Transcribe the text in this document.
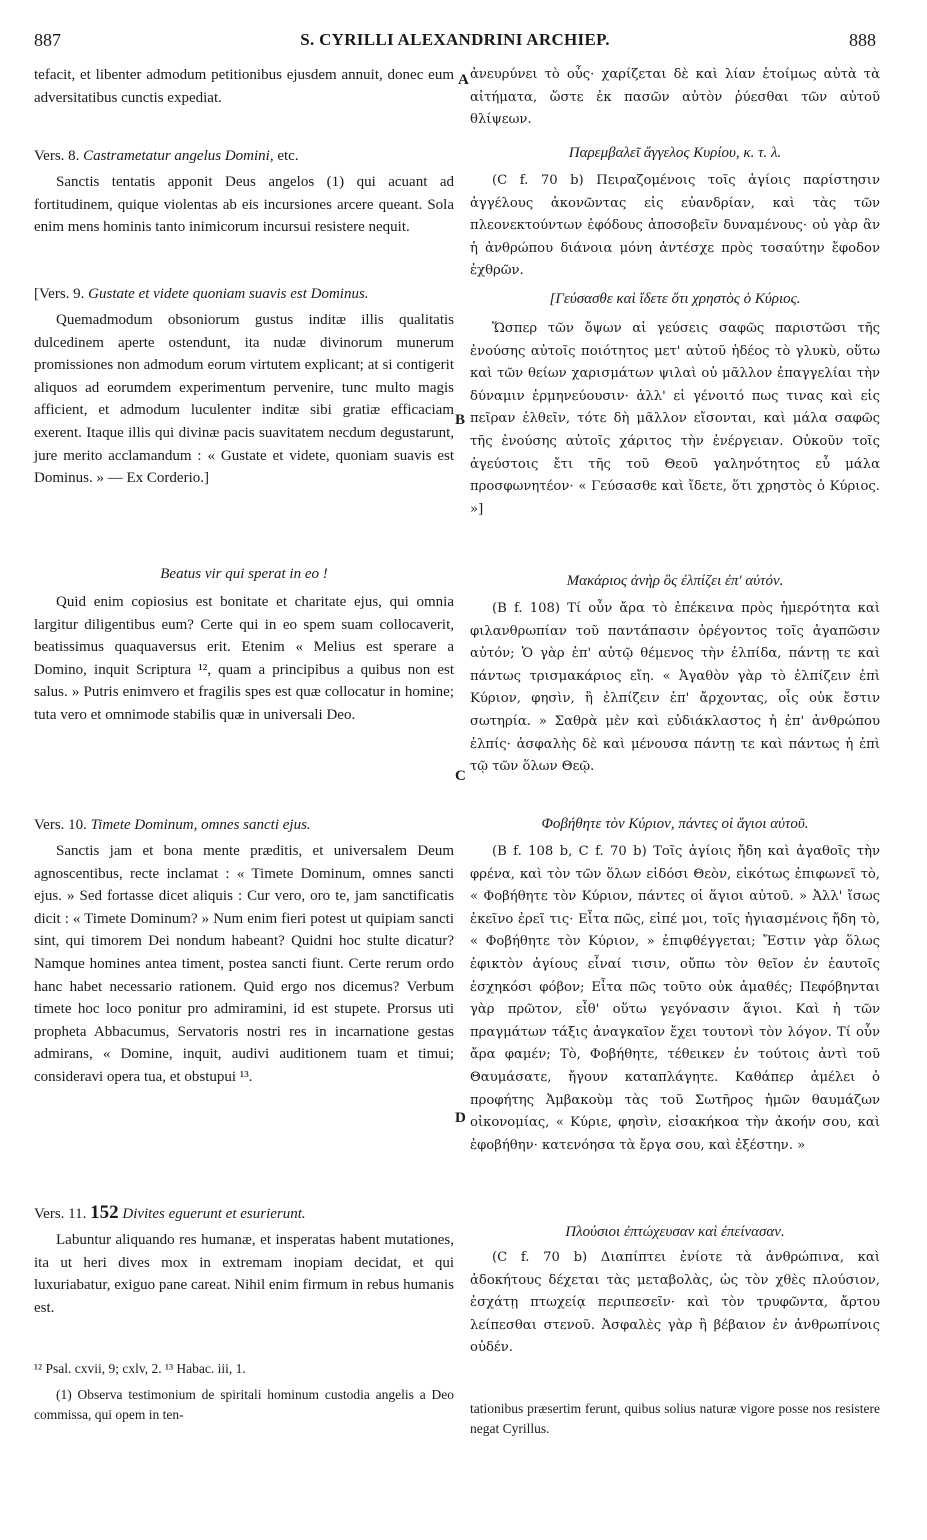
887	S. CYRILLI ALEXANDRINI ARCHIEP.	888
A
B
C
D

tefacit, et libenter admodum petitionibus ejusdem annuit, donec eum adversitatibus cunctis expediat.

Vers. 8. Castrametatur angelus Domini, etc.

Sanctis tentatis apponit Deus angelos (1) qui acuant ad fortitudinem, quique violentas ab eis incursiones arcere queant. Sola enim mens hominis tanto inimicorum incursui resistere nequit.

[Vers. 9. Gustate et videte quoniam suavis est Dominus.

Quemadmodum obsoniorum gustus inditæ illis qualitatis dulcedinem aperte ostendunt, ita nudæ divinorum munerum promissiones non admodum eorum virtutem explicant; at si contigerit aliquos ad eorumdem experimentum pervenire, tunc multo magis afficient, et admodum luculenter inditæ sibi gratiæ efficaciam exerent. Itaque illis qui divinæ pacis suavitatem necdum degustarunt, jure merito acclamandum : « Gustate et videte, quoniam suavis est Dominus. » — Ex Corderio.]

Beatus vir qui sperat in eo !

Quid enim copiosius est bonitate et charitate ejus, qui omnia largitur diligentibus eum? Certe qui in eo spem suam collocaverit, beatissimus quaquaversus erit. Etenim « Melius est sperare a Domino, inquit Scriptura ¹², quam a principibus a quibus non est salus. » Putris enimvero et fragilis spes est quæ collocatur in homine; tuta vero et omnimode stabilis quæ in universali Deo.

Vers. 10. Timete Dominum, omnes sancti ejus.

Sanctis jam et bona mente præditis, et universalem Deum agnoscentibus, recte inclamat : « Timete Dominum, omnes sancti ejus. » Sed fortasse dicet aliquis : Cur vero, oro te, jam sanctificatis dicit : « Timete Dominum? » Num enim fieri potest ut quipiam sancti sint, qui timorem Dei nondum habeant? Quidni hoc stulte dicatur? Namque homines antea timent, postea sancti fiunt. Certe rerum ordo hanc habet necessario rationem. Quid ergo nos dicemus? Verbum timete hoc loco ponitur pro admiramini, id est stupete. Prorsus uti propheta Abbacumus, Servatoris nostri res in incarnatione gestas admirans, « Domine, inquit, audivi auditionem tuam et timui; consideravi opera tua, et obstupui ¹³.

Vers. 11. 152 Divites eguerunt et esurierunt.

Labuntur aliquando res humanæ, et insperatas habent mutationes, ita ut heri dives mox in extremam inopiam decidat, et qui luxuriabatur, exiguo pane careat. Nihil enim firmum in rebus humanis est.

¹² Psal. cxvii, 9; cxlv, 2. ¹³ Habac. iii, 1.

(1) Observa testimonium de spiritali hominum custodia angelis a Deo commissa, qui opem in ten-

ἀνευρύνει τὸ οὖς· χαρίζεται δὲ καὶ λίαν ἑτοίμως αὐτὰ τὰ αἰτήματα, ὥστε ἐκ πασῶν αὐτὸν ῥύεσθαι τῶν αὐτοῦ θλίψεων.

Παρεμβαλεῖ ἄγγελος Κυρίου, κ. τ. λ.

(C f. 70 b) Πειραζομένοις τοῖς ἁγίοις παρίστησιν ἀγγέλους ἀκονῶντας εἰς εὐανδρίαν, καὶ τὰς τῶν πλεονεκτούντων ἐφόδους ἀποσοβεῖν δυναμένους· οὐ γὰρ ἂν ἡ ἀνθρώπου διάνοια μόνη ἀντέσχε πρὸς τοσαύτην ἔφοδον ἐχθρῶν.

[Γεύσασθε καὶ ἴδετε ὅτι χρηστὸς ὁ Κύριος.

Ὥσπερ τῶν ὄψων αἱ γεύσεις σαφῶς παριστῶσι τῆς ἐνούσης αὐτοῖς ποιότητος μετ' αὐτοῦ ἡδέος τὸ γλυκὺ, οὕτω καὶ τῶν θείων χαρισμάτων ψιλαὶ οὐ μᾶλλον ἐπαγγελίαι τὴν δύναμιν ἑρμηνεύουσιν· ἀλλ' εἰ γένοιτό πως τινας καὶ εἰς πεῖραν ἐλθεῖν, τότε δὴ μᾶλλον εἴσονται, καὶ μάλα σαφῶς τῆς ἐνούσης αὐτοῖς χάριτος τὴν ἐνέργειαν. Οὐκοῦν τοῖς ἀγεύστοις ἔτι τῆς τοῦ Θεοῦ γαληνότητος εὖ μάλα προσφωνητέον· « Γεύσασθε καὶ ἴδετε, ὅτι χρηστὸς ὁ Κύριος. »]

Μακάριος ἀνὴρ ὃς ἐλπίζει ἐπ' αὐτόν.

(B f. 108) Τί οὖν ἄρα τὸ ἐπέκεινα πρὸς ἡμερότητα καὶ φιλανθρωπίαν τοῦ παντάπασιν ὀρέγοντος τοῖς ἀγαπῶσιν αὐτόν; Ὁ γὰρ ἐπ' αὐτῷ θέμενος τὴν ἐλπίδα, πάντῃ τε καὶ πάντως τρισμακάριος εἴη. « Ἀγαθὸν γὰρ τὸ ἐλπίζειν ἐπὶ Κύριον, φησὶν, ἢ ἐλπίζειν ἐπ' ἄρχοντας, οἷς οὐκ ἔστιν σωτηρία. » Σαθρὰ μὲν καὶ εὐδιάκλαστος ἡ ἐπ' ἀνθρώπου ἐλπίς· ἀσφαλὴς δὲ καὶ μένουσα πάντῃ τε καὶ πάντως ἡ ἐπὶ τῷ τῶν ὅλων Θεῷ.

Φοβήθητε τὸν Κύριον, πάντες οἱ ἅγιοι αὐτοῦ.

(B f. 108 b, C f. 70 b) Τοῖς ἁγίοις ἤδη καὶ ἀγαθοῖς τὴν φρένα, καὶ τὸν τῶν ὅλων εἰδόσι Θεὸν, εἰκότως ἐπιφωνεῖ τὸ, « Φοβήθητε τὸν Κύριον, πάντες οἱ ἅγιοι αὐτοῦ. » Ἀλλ' ἴσως ἐκεῖνο ἐρεῖ τις· Εἶτα πῶς, εἰπέ μοι, τοῖς ἡγιασμένοις ἤδη τὸ, « Φοβήθητε τὸν Κύριον, » ἐπιφθέγγεται; Ἔστιν γὰρ ὅλως ἐφικτὸν ἁγίους εἶναί τισιν, οὔπω τὸν θεῖον ἐν ἑαυτοῖς ἐσχηκόσι φόβον; Εἶτα πῶς τοῦτο οὐκ ἀμαθές; Πεφόβηνται γὰρ πρῶτον, εἶθ' οὕτω γεγόνασιν ἅγιοι. Καὶ ἡ τῶν πραγμάτων τάξις ἀναγκαῖον ἔχει τουτονὶ τὸν λόγον. Τί οὖν ἄρα φαμέν; Τὸ, Φοβήθητε, τέθεικεν ἐν τούτοις ἀντὶ τοῦ Θαυμάσατε, ἤγουν καταπλάγητε. Καθάπερ ἀμέλει ὁ προφήτης Ἀμβακοὺμ τὰς τοῦ Σωτῆρος ἡμῶν θαυμάζων οἰκονομίας, « Κύριε, φησὶν, εἰσακήκοα τὴν ἀκοήν σου, καὶ ἐφοβήθην· κατενόησα τὰ ἔργα σου, καὶ ἐξέστην. »

Πλούσιοι ἐπτώχευσαν καὶ ἐπείνασαν.

(C f. 70 b) Διαπίπτει ἐνίοτε τὰ ἀνθρώπινα, καὶ ἀδοκήτους δέχεται τὰς μεταβολὰς, ὡς τὸν χθὲς πλούσιον, ἐσχάτῃ πτωχείᾳ περιπεσεῖν· καὶ τὸν τρυφῶντα, ἄρτου λείπεσθαι στενοῦ. Ἀσφαλὲς γὰρ ἢ βέβαιον ἐν ἀνθρωπίνοις οὐδέν.

tationibus præsertim ferunt, quibus solius naturæ vigore posse nos resistere negat Cyrillus.
